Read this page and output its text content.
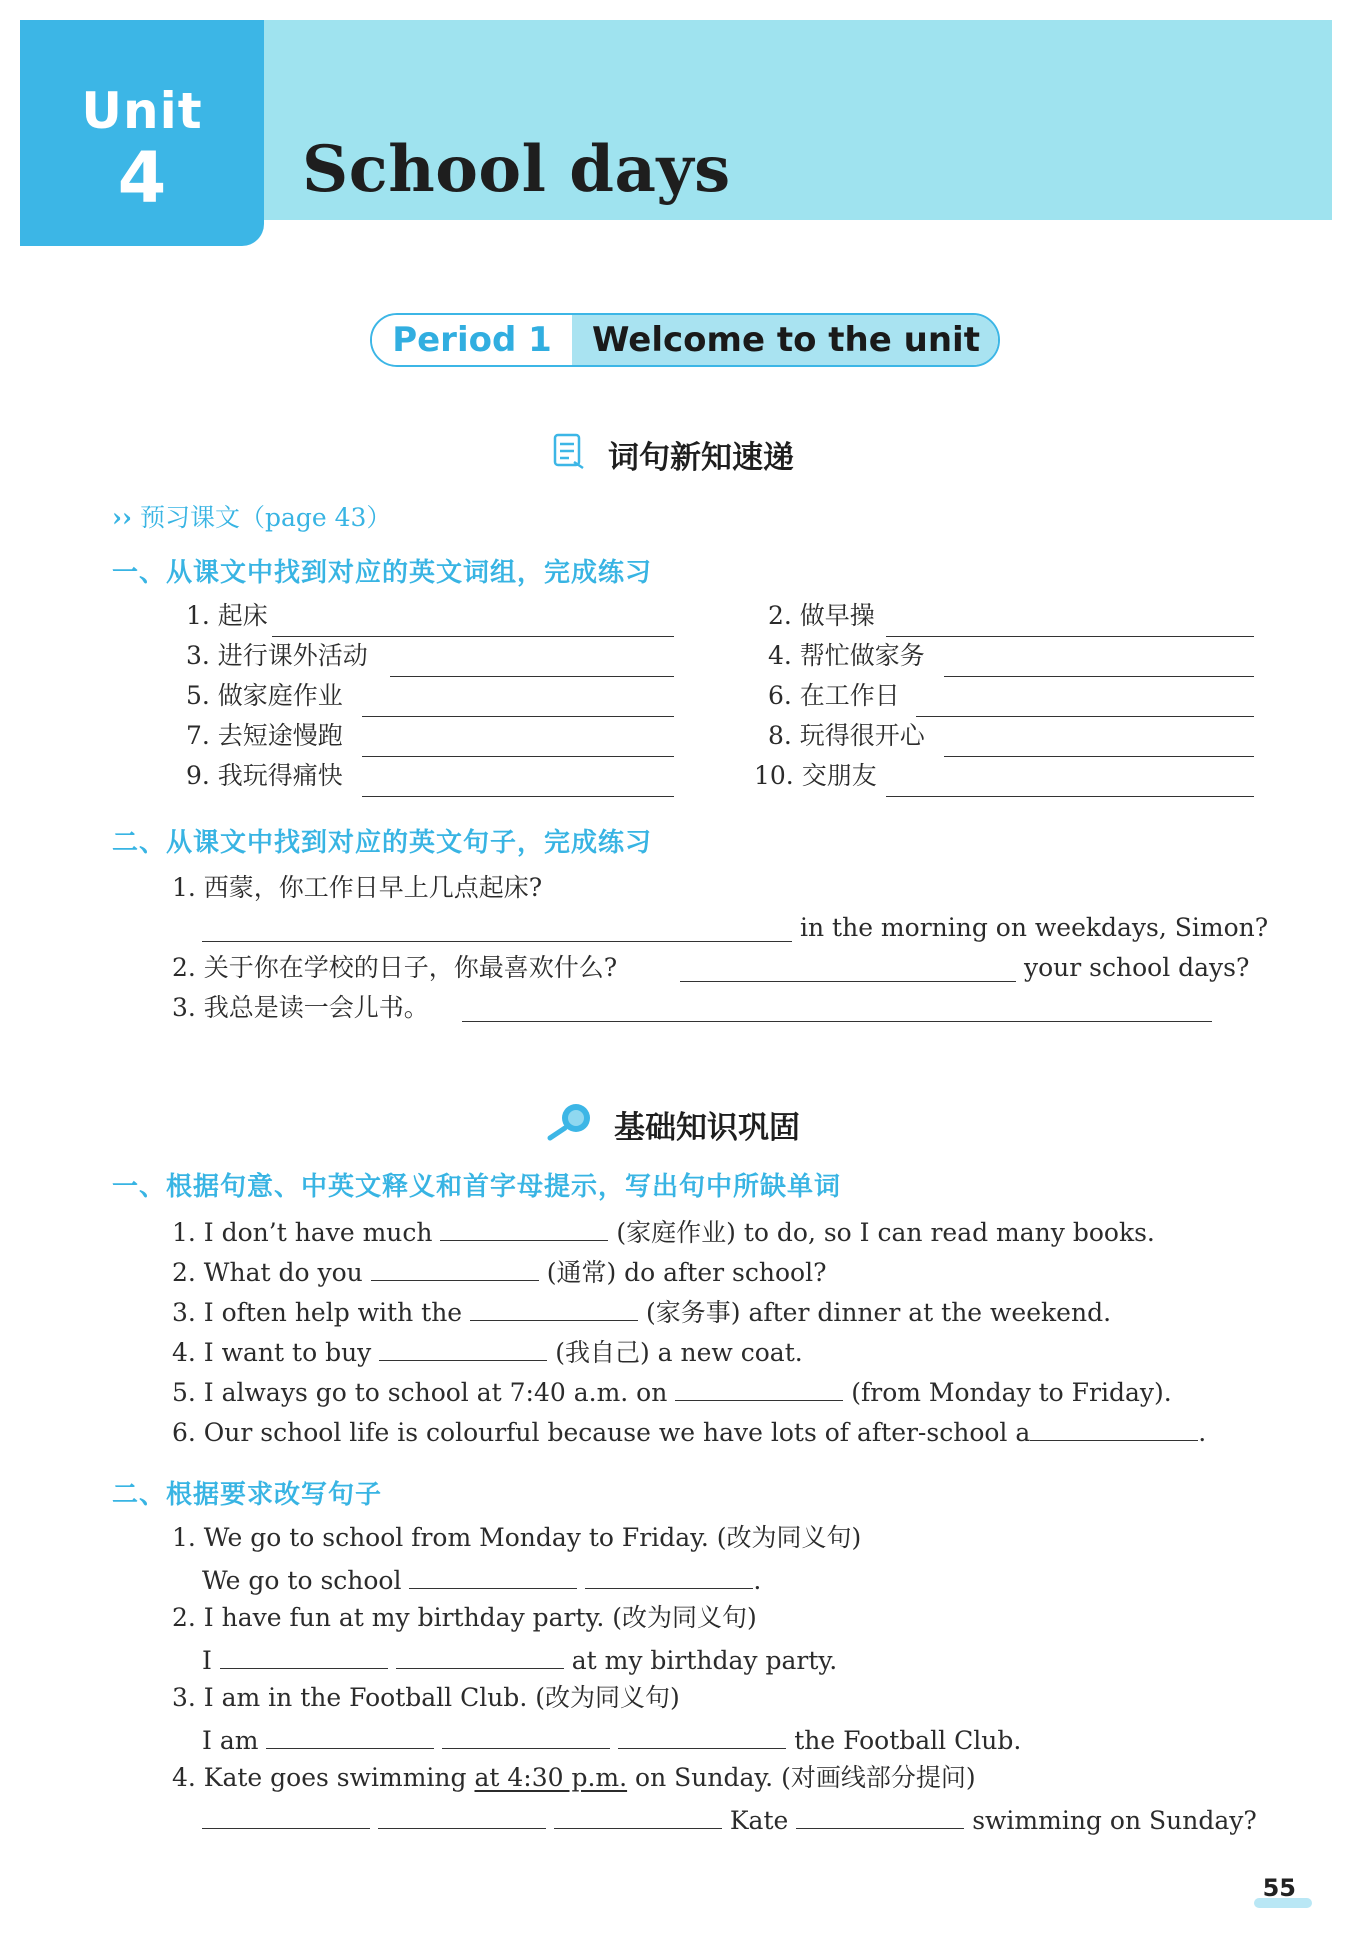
Unit
4	School days
Period 1	Welcome to the unit
词句新知速递
›› 预习课文（page 43）
一、从课文中找到对应的英文词组，完成练习
1. 起床
3. 进行课外活动
5. 做家庭作业
7. 去短途慢跑
9. 我玩得痛快
2. 做早操
4. 帮忙做家务
6. 在工作日
8. 玩得很开心
10. 交朋友
二、从课文中找到对应的英文句子，完成练习
1. 西蒙，你工作日早上几点起床?
in the morning on weekdays, Simon?
2. 关于你在学校的日子，你最喜欢什么?	your school days?
3. 我总是读一会儿书。
基础知识巩固
一、根据句意、中英文释义和首字母提示，写出句中所缺单词
1. I don’t have much	(家庭作业) to do, so I can read many books.
2. What do you	(通常) do after school?
3. I often help with the	(家务事) after dinner at the weekend.
4. I want to buy	(我自己) a new coat.
5. I always go to school at 7:40 a.m. on	(from Monday to Friday).
6. Our school life is colourful because we have lots of after-school a	.
二、根据要求改写句子
1. We go to school from Monday to Friday. (改为同义句)
We go to school	.
2. I have fun at my birthday party. (改为同义句)
I	at my birthday party.
3. I am in the Football Club. (改为同义句)
I am	the Football Club.
4. Kate goes swimming at 4:30 p.m. on Sunday. (对画线部分提问)
Kate	swimming on Sunday?
55
